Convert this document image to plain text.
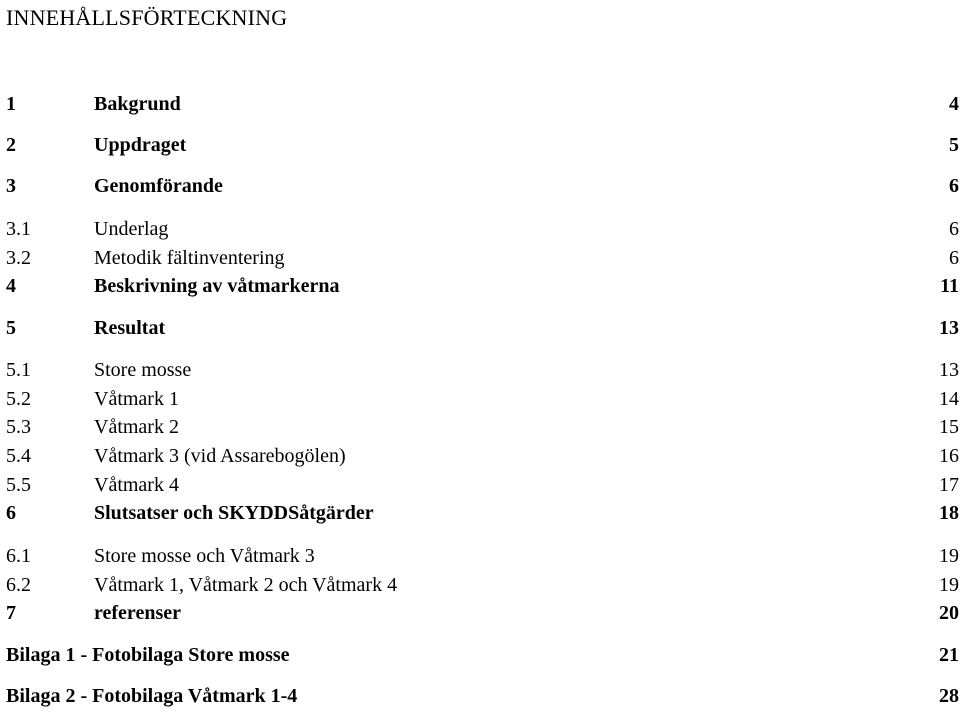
INNEHÅLLSFÖRTECKNING
1	Bakgrund	4
2	Uppdraget	5
3	Genomförande	6
3.1	Underlag	6
3.2	Metodik fältinventering	6
4	Beskrivning av våtmarkerna	11
5	Resultat	13
5.1	Store mosse	13
5.2	Våtmark 1	14
5.3	Våtmark 2	15
5.4	Våtmark 3 (vid Assarebogölen)	16
5.5	Våtmark 4	17
6	Slutsatser och SKYDDSåtgärder	18
6.1	Store mosse och Våtmark 3	19
6.2	Våtmark 1, Våtmark 2 och Våtmark 4	19
7	referenser	20
Bilaga 1 - Fotobilaga Store mosse	21
Bilaga 2 - Fotobilaga Våtmark 1-4	28
